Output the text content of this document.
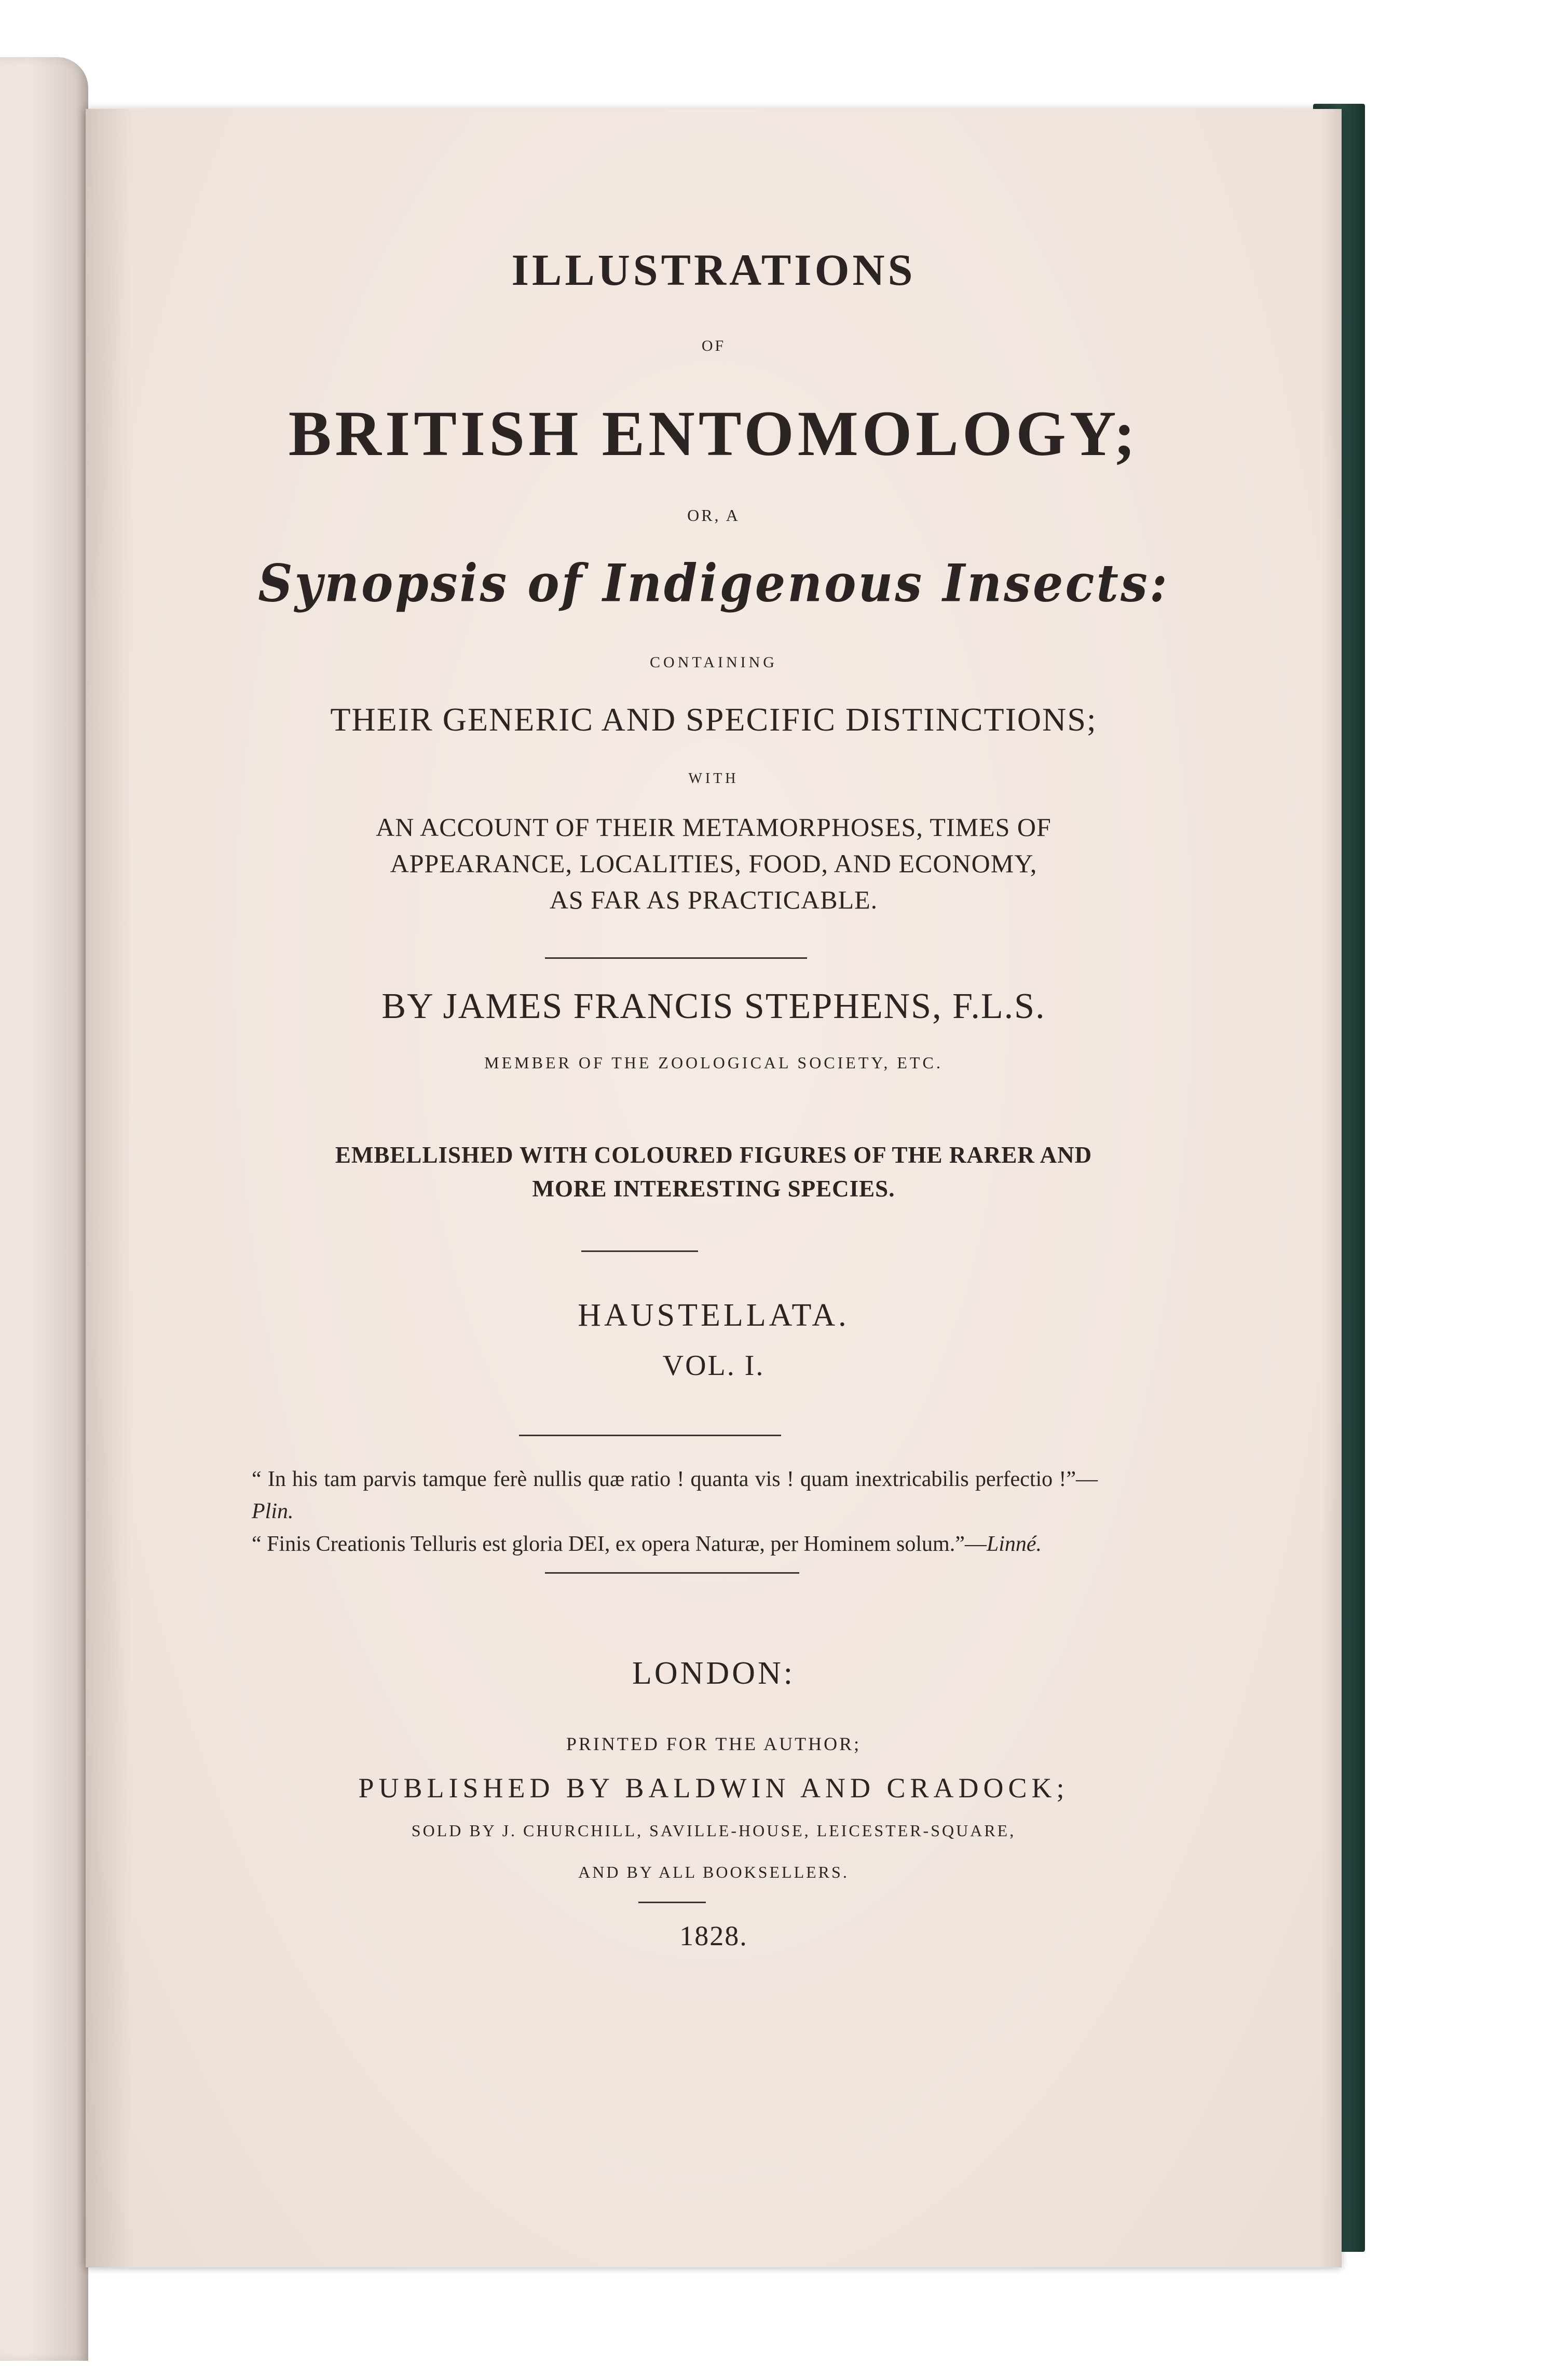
ILLUSTRATIONS
OF
BRITISH ENTOMOLOGY;
OR, A
Synopsis of Indigenous Insects:
CONTAINING
THEIR GENERIC AND SPECIFIC DISTINCTIONS;
WITH
AN ACCOUNT OF THEIR METAMORPHOSES, TIMES OF
APPEARANCE, LOCALITIES, FOOD, AND ECONOMY,
AS FAR AS PRACTICABLE.
BY JAMES FRANCIS STEPHENS, F.L.S.
MEMBER OF THE ZOOLOGICAL SOCIETY, ETC.
EMBELLISHED WITH COLOURED FIGURES OF THE RARER AND
MORE INTERESTING SPECIES.
HAUSTELLATA.
VOL. I.
“ In his tam parvis tamque ferè nullis quæ ratio ! quanta vis ! quam inextricabilis perfectio !”—Plin.
“ Finis Creationis Telluris est gloria DEI, ex opera Naturæ, per Hominem solum.”—Linné.
LONDON:
PRINTED FOR THE AUTHOR;
PUBLISHED BY BALDWIN AND CRADOCK;
SOLD BY J. CHURCHILL, SAVILLE-HOUSE, LEICESTER-SQUARE,
AND BY ALL BOOKSELLERS.
1828.
